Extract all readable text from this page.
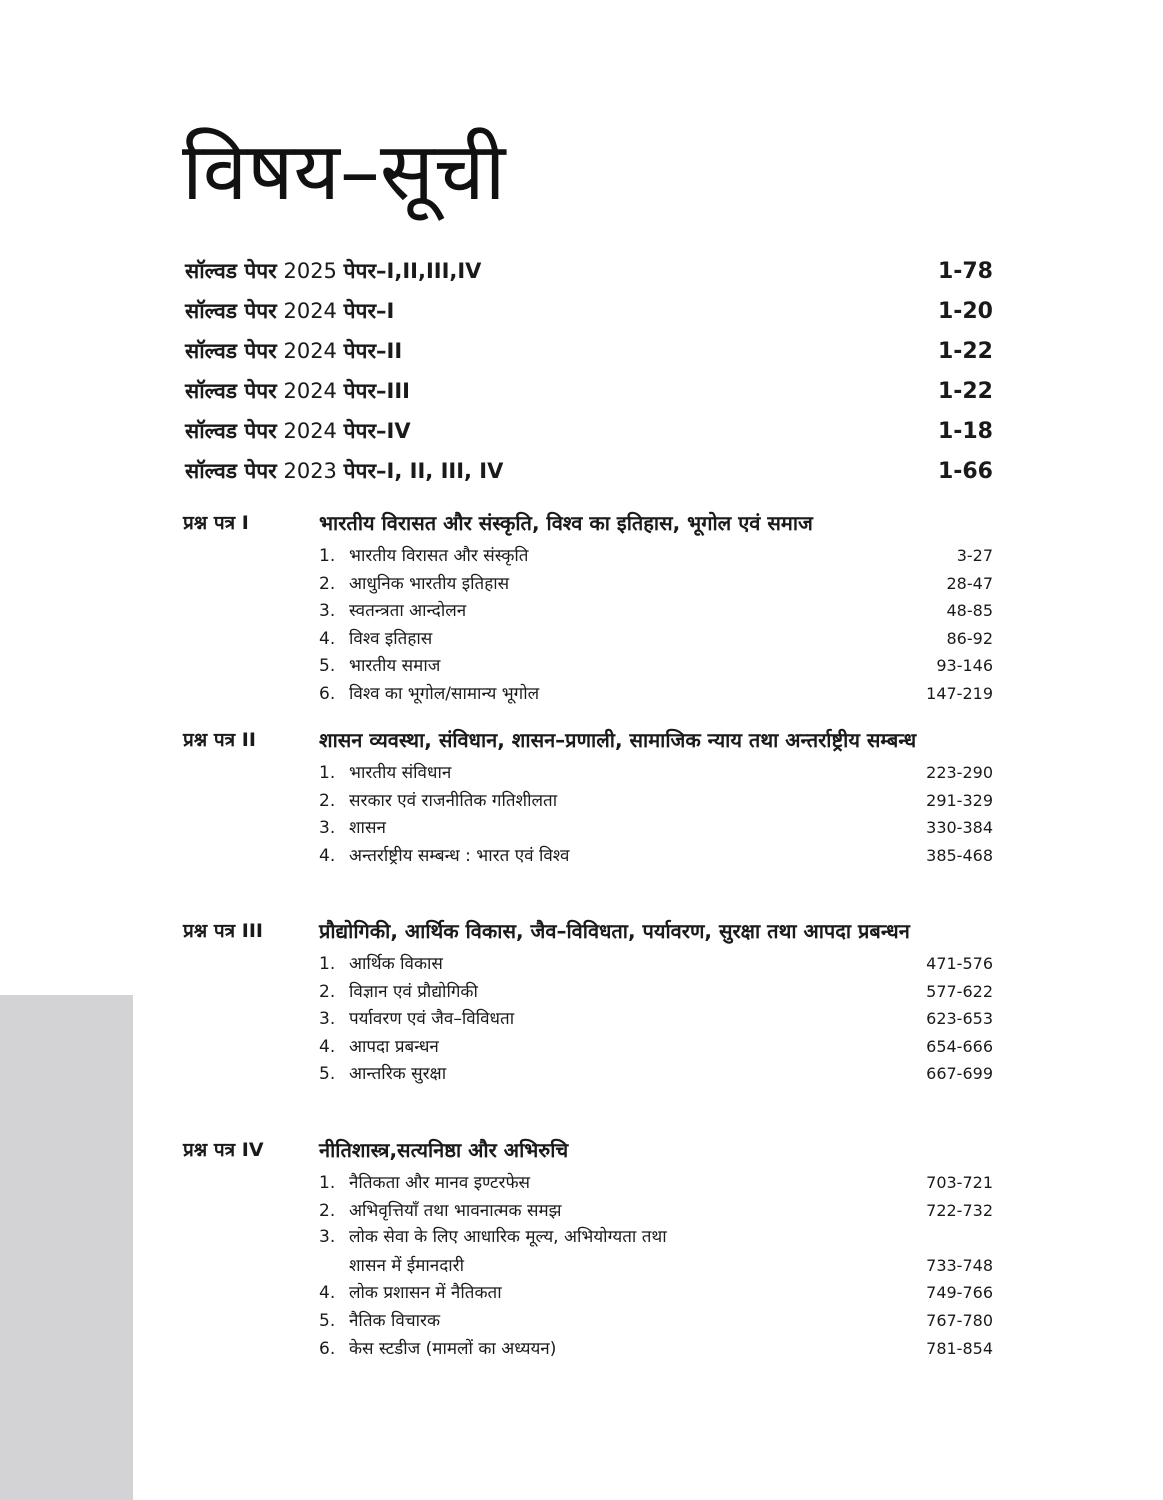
विषय–सूची
सॉल्वड पेपर 2025 पेपर–I,II,III,IV	1-78
सॉल्वड पेपर 2024 पेपर–I	1-20
सॉल्वड पेपर 2024 पेपर–II	1-22
सॉल्वड पेपर 2024 पेपर–III	1-22
सॉल्वड पेपर 2024 पेपर–IV	1-18
सॉल्वड पेपर 2023 पेपर–I, II, III, IV	1-66
प्रश्न पत्र I	भारतीय विरासत और संस्कृति, विश्व का इतिहास, भूगोल एवं समाज
1. भारतीय विरासत और संस्कृति	3-27
2. आधुनिक भारतीय इतिहास	28-47
3. स्वतन्त्रता आन्दोलन	48-85
4. विश्व इतिहास	86-92
5. भारतीय समाज	93-146
6. विश्व का भूगोल/सामान्य भूगोल	147-219
प्रश्न पत्र II	शासन व्यवस्था, संविधान, शासन–प्रणाली, सामाजिक न्याय तथा अन्तर्राष्ट्रीय सम्बन्ध
1. भारतीय संविधान	223-290
2. सरकार एवं राजनीतिक गतिशीलता	291-329
3. शासन	330-384
4. अन्तर्राष्ट्रीय सम्बन्ध : भारत एवं विश्व	385-468
प्रश्न पत्र III	प्रौद्योगिकी, आर्थिक विकास, जैव–विविधता, पर्यावरण, सुरक्षा तथा आपदा प्रबन्धन
1. आर्थिक विकास	471-576
2. विज्ञान एवं प्रौद्योगिकी	577-622
3. पर्यावरण एवं जैव–विविधता	623-653
4. आपदा प्रबन्धन	654-666
5. आन्तरिक सुरक्षा	667-699
प्रश्न पत्र IV	नीतिशास्त्र,सत्यनिष्ठा और अभिरुचि
1. नैतिकता और मानव इण्टरफेस	703-721
2. अभिवृत्तियाँ तथा भावनात्मक समझ	722-732
3. लोक सेवा के लिए आधारिक मूल्य, अभियोग्यता तथा
शासन में ईमानदारी	733-748
4. लोक प्रशासन में नैतिकता	749-766
5. नैतिक विचारक	767-780
6. केस स्टडीज (मामलों का अध्ययन)	781-854
